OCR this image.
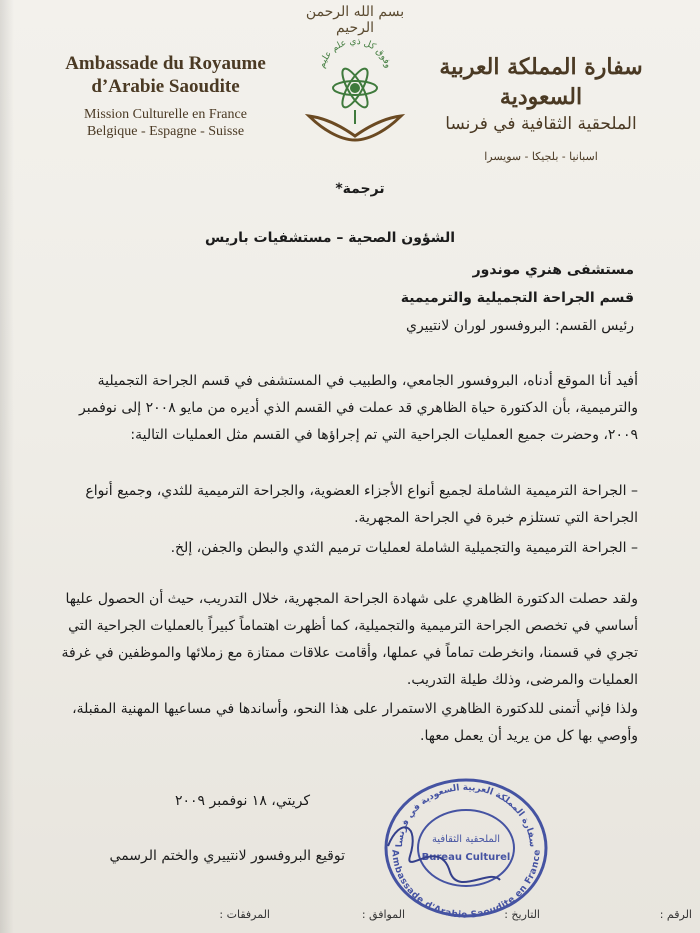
Ambassade du Royaume
d’Arabie Saoudite
Mission Culturelle en France
Belgique - Espagne - Suisse
بسم الله الرحمن الرحيم
وفوق كل ذي علم عليم	سفارة المملكة العربية السعودية
الملحقية الثقافية في فرنسا
اسبانيا - بلجيكا - سويسرا
ترجمة*
الشؤون الصحية – مستشفيات باريس
مستشفى هنري موندور
قسم الجراحة التجميلية والترميمية
رئيس القسم: البروفسور لوران لانتييري
أفيد أنا الموقع أدناه، البروفسور الجامعي، والطبيب في المستشفى في قسم الجراحة التجميلية والترميمية، بأن الدكتورة حياة الظاهري قد عملت في القسم الذي أديره من مايو ٢٠٠٨ إلى نوفمبر ٢٠٠٩، وحضرت جميع العمليات الجراحية التي تم إجراؤها في القسم مثل العمليات التالية:
– الجراحة الترميمية الشاملة لجميع أنواع الأجزاء العضوية، والجراحة الترميمية للثدي، وجميع أنواع الجراحة التي تستلزم خبرة في الجراحة المجهرية.
– الجراحة الترميمية والتجميلية الشاملة لعمليات ترميم الثدي والبطن والجفن، إلخ.
ولقد حصلت الدكتورة الظاهري على شهادة الجراحة المجهرية، خلال التدريب، حيث أن الحصول عليها أساسي في تخصص الجراحة الترميمية والتجميلية، كما أظهرت اهتماماً كبيراً بالعمليات الجراحية التي تجري في قسمنا، وانخرطت تماماً في عملها، وأقامت علاقات ممتازة مع زملائها والموظفين في غرفة العمليات والمرضى، وذلك طيلة التدريب.
ولذا فإني أتمنى للدكتورة الظاهري الاستمرار على هذا النحو، وأساندها في مساعيها المهنية المقبلة، وأوصي بها كل من يريد أن يعمل معها.
كريتي، ١٨ نوفمبر ٢٠٠٩
توقيع البروفسور لانتييري والختم الرسمي
سفارة المملكة العربية السعودية في فرنسا
Ambassade d'Arabie Saoudite en France
الملحقية الثقافية
Bureau Culturel
الرقم :
التاريخ :
الموافق :
المرفقات :
